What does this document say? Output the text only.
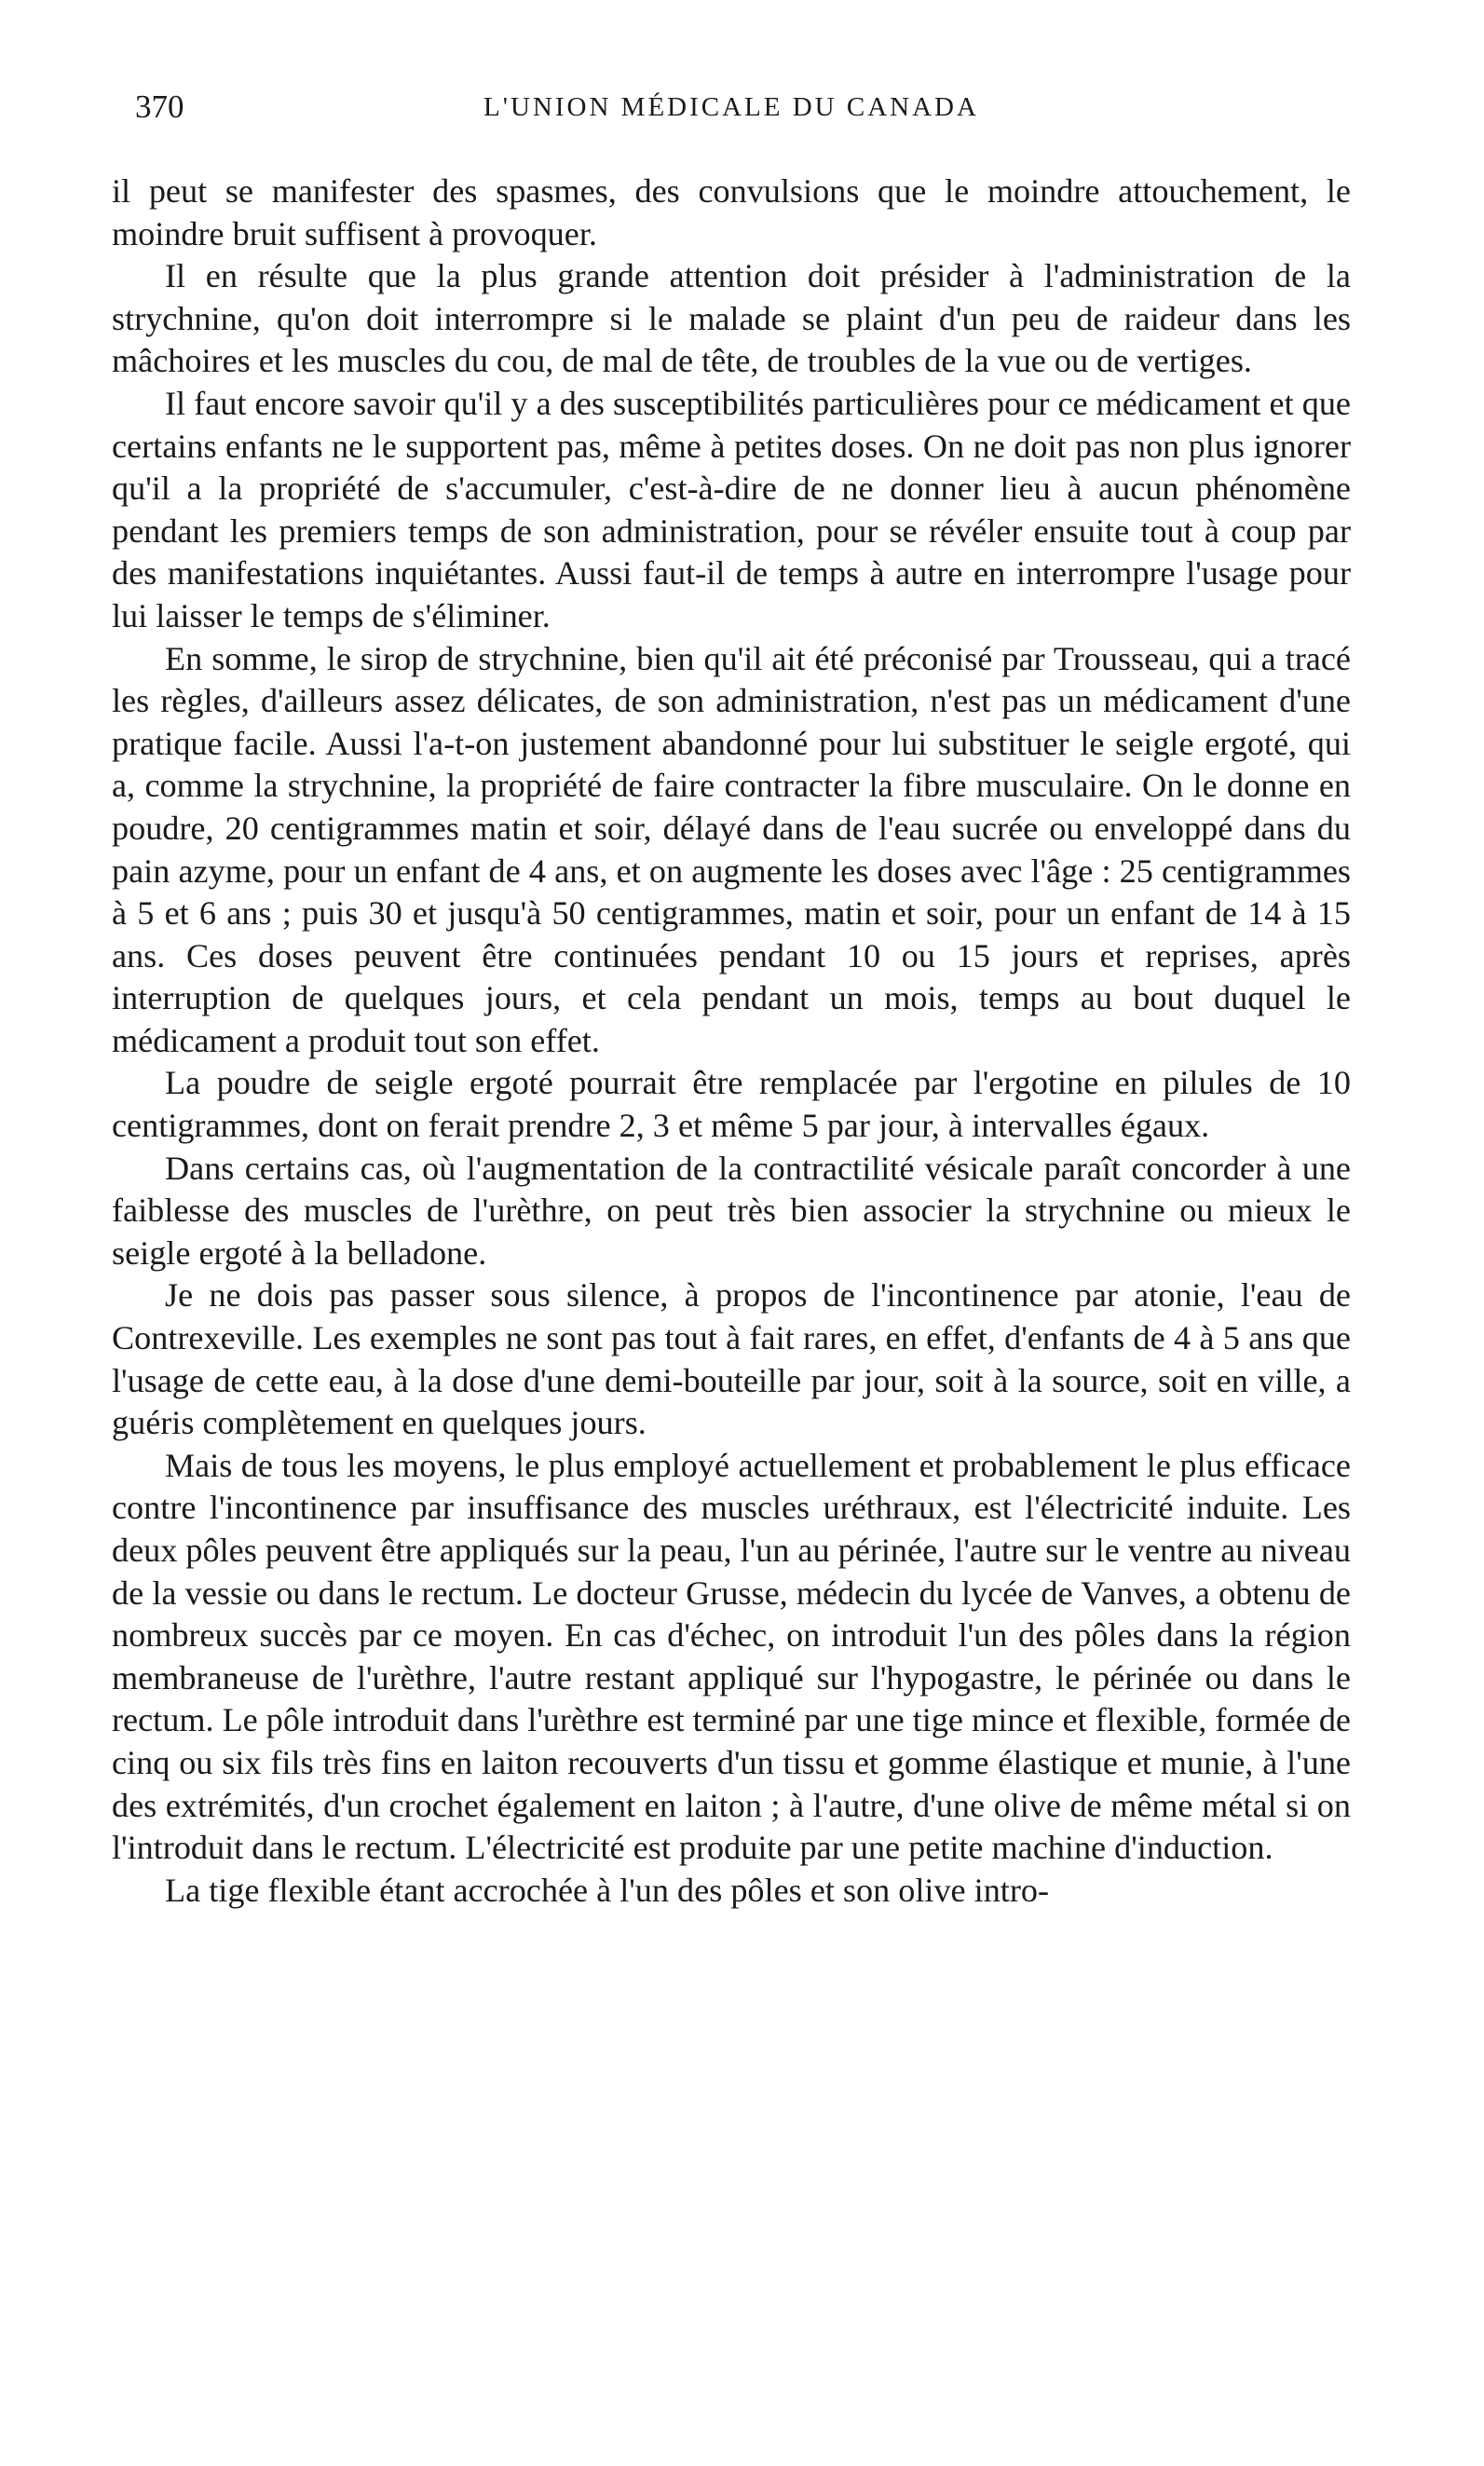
370	L'UNION MÉDICALE DU CANADA

il peut se manifester des spasmes, des convulsions que le moindre attouchement, le moindre bruit suffisent à provoquer.

Il en résulte que la plus grande attention doit présider à l'administration de la strychnine, qu'on doit interrompre si le malade se plaint d'un peu de raideur dans les mâchoires et les muscles du cou, de mal de tête, de troubles de la vue ou de vertiges.

Il faut encore savoir qu'il y a des susceptibilités particulières pour ce médicament et que certains enfants ne le supportent pas, même à petites doses. On ne doit pas non plus ignorer qu'il a la propriété de s'accumuler, c'est-à-dire de ne donner lieu à aucun phénomène pendant les premiers temps de son administration, pour se révéler ensuite tout à coup par des manifestations inquiétantes. Aussi faut-il de temps à autre en interrompre l'usage pour lui laisser le temps de s'éliminer.

En somme, le sirop de strychnine, bien qu'il ait été préconisé par Trousseau, qui a tracé les règles, d'ailleurs assez délicates, de son administration, n'est pas un médicament d'une pratique facile. Aussi l'a-t-on justement abandonné pour lui substituer le seigle ergoté, qui a, comme la strychnine, la propriété de faire contracter la fibre musculaire. On le donne en poudre, 20 centigrammes matin et soir, délayé dans de l'eau sucrée ou enveloppé dans du pain azyme, pour un enfant de 4 ans, et on augmente les doses avec l'âge : 25 centigrammes à 5 et 6 ans ; puis 30 et jusqu'à 50 centigrammes, matin et soir, pour un enfant de 14 à 15 ans. Ces doses peuvent être continuées pendant 10 ou 15 jours et reprises, après interruption de quelques jours, et cela pendant un mois, temps au bout duquel le médicament a produit tout son effet.

La poudre de seigle ergoté pourrait être remplacée par l'ergotine en pilules de 10 centigrammes, dont on ferait prendre 2, 3 et même 5 par jour, à intervalles égaux.

Dans certains cas, où l'augmentation de la contractilité vésicale paraît concorder à une faiblesse des muscles de l'urèthre, on peut très bien associer la strychnine ou mieux le seigle ergoté à la belladone.

Je ne dois pas passer sous silence, à propos de l'incontinence par atonie, l'eau de Contrexeville. Les exemples ne sont pas tout à fait rares, en effet, d'enfants de 4 à 5 ans que l'usage de cette eau, à la dose d'une demi-bouteille par jour, soit à la source, soit en ville, a guéris complètement en quelques jours.

Mais de tous les moyens, le plus employé actuellement et probablement le plus efficace contre l'incontinence par insuffisance des muscles uréthraux, est l'électricité induite. Les deux pôles peuvent être appliqués sur la peau, l'un au périnée, l'autre sur le ventre au niveau de la vessie ou dans le rectum. Le docteur Grusse, médecin du lycée de Vanves, a obtenu de nombreux succès par ce moyen. En cas d'échec, on introduit l'un des pôles dans la région membraneuse de l'urèthre, l'autre restant appliqué sur l'hypogastre, le périnée ou dans le rectum. Le pôle introduit dans l'urèthre est terminé par une tige mince et flexible, formée de cinq ou six fils très fins en laiton recouverts d'un tissu et gomme élastique et munie, à l'une des extrémités, d'un crochet également en laiton ; à l'autre, d'une olive de même métal si on l'introduit dans le rectum. L'électricité est produite par une petite machine d'induction.

La tige flexible étant accrochée à l'un des pôles et son olive intro-
